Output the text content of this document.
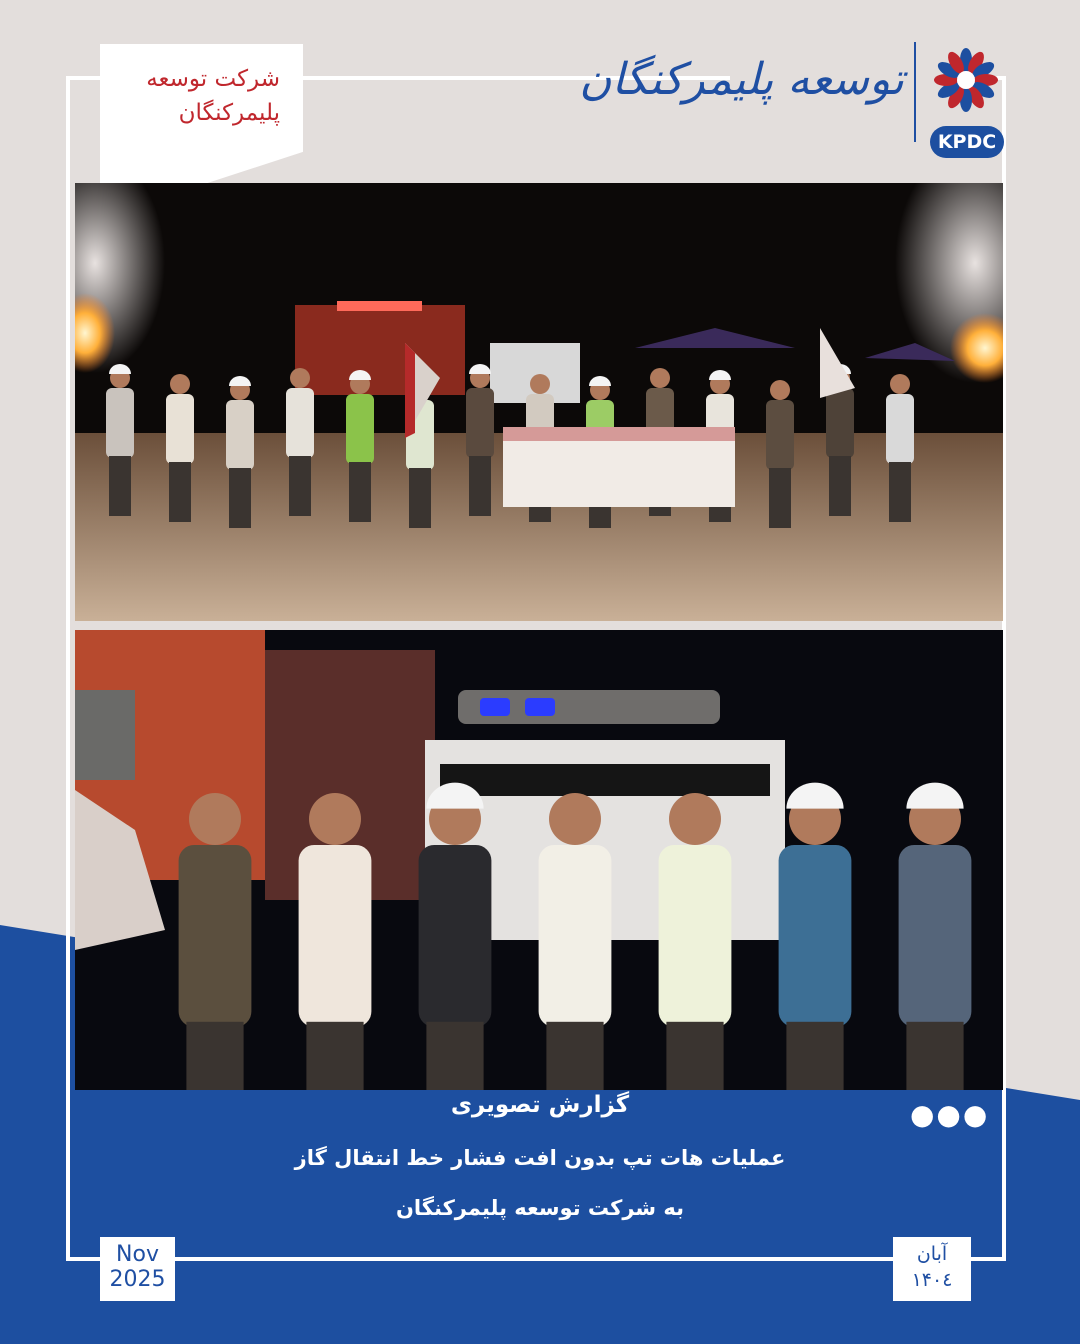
شرکت توسعه
پلیمرکنگان
توسعه پلیمرکنگان
KPDC
گزارش تصویری
عملیات هات تپ بدون افت فشار خط انتقال گاز
به شرکت توسعه پلیمرکنگان
●●●
Nov
2025
آبان
۱۴۰٤
